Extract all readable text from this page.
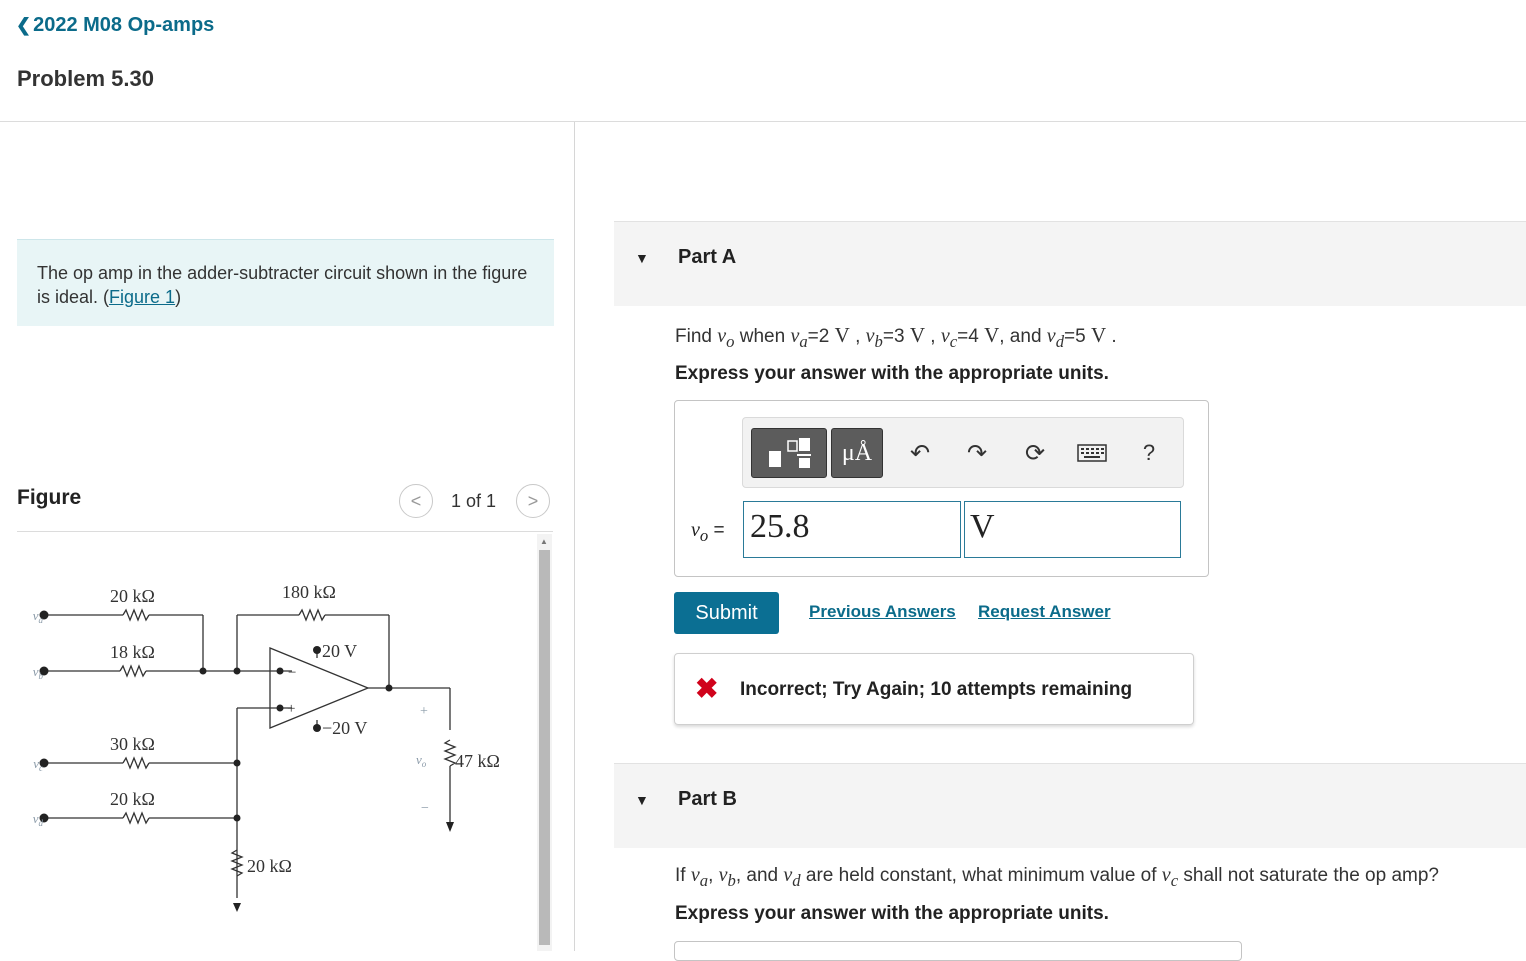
❮ 2022 M08 Op-amps
Problem 5.30
The op amp in the adder-subtracter circuit shown in the figure is ideal. (Figure 1)
Figure	< 1 of 1 >
▲
$v_a$
$v_b$
$v_c$
$v_d$
20 kΩ
18 kΩ
30 kΩ
20 kΩ
180 kΩ
20 kΩ
47 kΩ
20 V
−20 V
−
+	+
−
$v_o$
▼ Part A
Find $v_o$ when $v_a=2$ V , $v_b=3$ V , $v_c=4$ V, and $v_d=5$ V .
Express your answer with the appropriate units.
μÅ	↶ ↷ ⟳	?
$v_o = 25.8$	V
Submit	Previous Answers Request Answer
✖ Incorrect; Try Again; 10 attempts remaining
▼ Part B
If $v_a$, $v_b$, and $v_d$ are held constant, what minimum value of $v_c$ shall not saturate the op amp?
Express your answer with the appropriate units.
